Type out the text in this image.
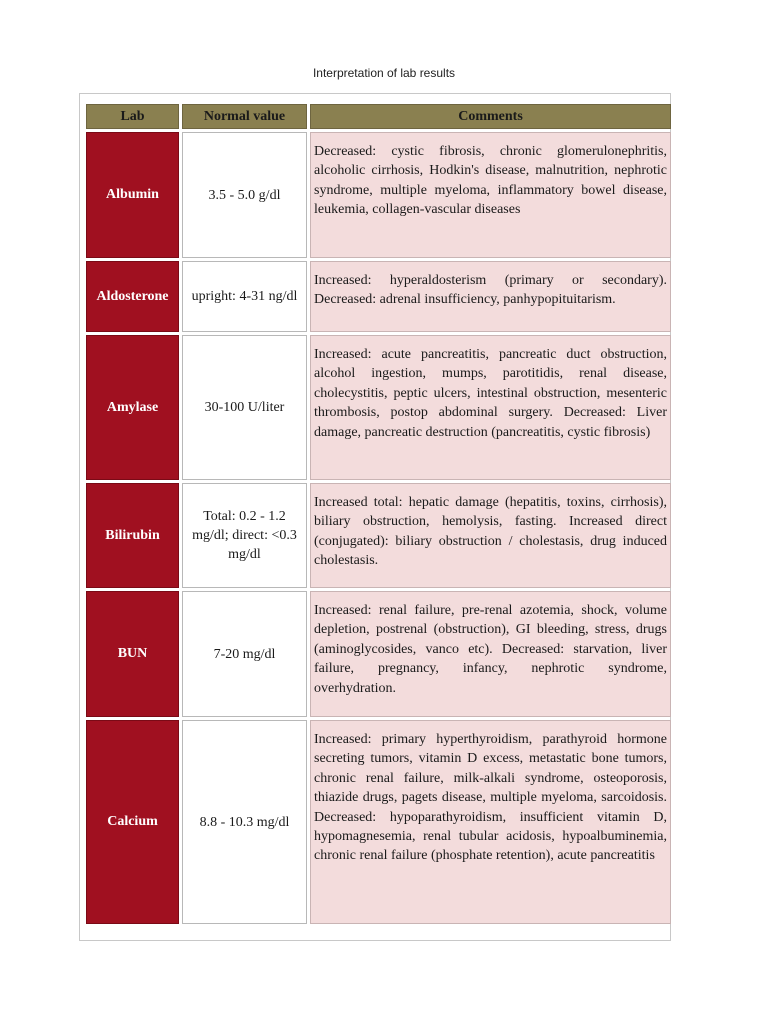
Interpretation of lab results
Lab	Normal value	Comments
Albumin	3.5 - 5.0 g/dl	Decreased: cystic fibrosis, chronic glomerulonephritis, alcoholic cirrhosis, Hodkin's disease, malnutrition, nephrotic syndrome, multiple myeloma, inflammatory bowel disease, leukemia, collagen-vascular diseases
Aldosterone	upright: 4-31 ng/dl	Increased: hyperaldosterism (primary or secondary). Decreased: adrenal insufficiency, panhypopituitarism.
Amylase	30-100 U/liter	Increased: acute pancreatitis, pancreatic duct obstruction, alcohol ingestion, mumps, parotitidis, renal disease, cholecystitis, peptic ulcers, intestinal obstruction, mesenteric thrombosis, postop abdominal surgery. Decreased: Liver damage, pancreatic destruction (pancreatitis, cystic fibrosis)
Bilirubin	Total: 0.2 - 1.2 mg/dl; direct: <0.3 mg/dl	Increased total: hepatic damage (hepatitis, toxins, cirrhosis), biliary obstruction, hemolysis, fasting. Increased direct (conjugated): biliary obstruction / cholestasis, drug induced cholestasis.
BUN	7-20 mg/dl	Increased: renal failure, pre-renal azotemia, shock, volume depletion, postrenal (obstruction), GI bleeding, stress, drugs (aminoglycosides, vanco etc). Decreased: starvation, liver failure, pregnancy, infancy, nephrotic syndrome, overhydration.
Calcium	8.8 - 10.3 mg/dl	Increased: primary hyperthyroidism, parathyroid hormone secreting tumors, vitamin D excess, metastatic bone tumors, chronic renal failure, milk-alkali syndrome, osteoporosis, thiazide drugs, pagets disease, multiple myeloma, sarcoidosis. Decreased: hypoparathyroidism, insufficient vitamin D, hypomagnesemia, renal tubular acidosis, hypoalbuminemia, chronic renal failure (phosphate retention), acute pancreatitis
